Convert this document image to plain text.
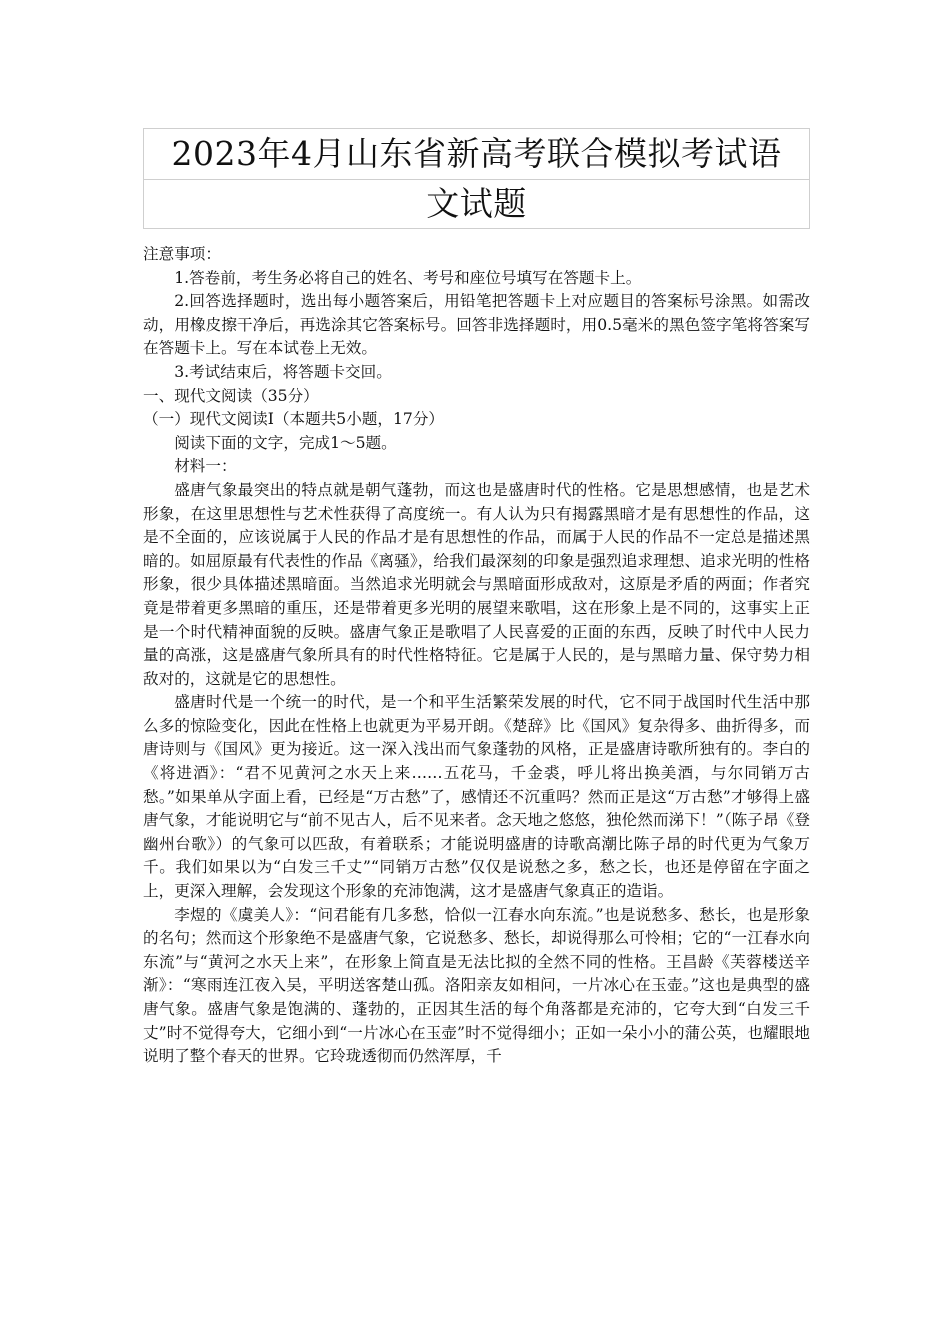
2023年4月山东省新高考联合模拟考试语
文试题

注意事项：

1.答卷前，考生务必将自己的姓名、考号和座位号填写在答题卡上。

2.回答选择题时，选出每小题答案后，用铅笔把答题卡上对应题目的答案标号涂黑。如需改动，用橡皮擦干净后，再选涂其它答案标号。回答非选择题时，用0.5毫米的黑色签字笔将答案写在答题卡上。写在本试卷上无效。

3.考试结束后，将答题卡交回。

一、现代文阅读（35分）

（一）现代文阅读Ⅰ（本题共5小题，17分）

阅读下面的文字，完成1～5题。

材料一：

盛唐气象最突出的特点就是朝气蓬勃，而这也是盛唐时代的性格。它是思想感情，也是艺术形象，在这里思想性与艺术性获得了高度统一。有人认为只有揭露黑暗才是有思想性的作品，这是不全面的，应该说属于人民的作品才是有思想性的作品，而属于人民的作品不一定总是描述黑暗的。如屈原最有代表性的作品《离骚》，给我们最深刻的印象是强烈追求理想、追求光明的性格形象，很少具体描述黑暗面。当然追求光明就会与黑暗面形成敌对，这原是矛盾的两面；作者究竟是带着更多黑暗的重压，还是带着更多光明的展望来歌唱，这在形象上是不同的，这事实上正是一个时代精神面貌的反映。盛唐气象正是歌唱了人民喜爱的正面的东西，反映了时代中人民力量的高涨，这是盛唐气象所具有的时代性格特征。它是属于人民的，是与黑暗力量、保守势力相敌对的，这就是它的思想性。

盛唐时代是一个统一的时代，是一个和平生活繁荣发展的时代，它不同于战国时代生活中那么多的惊险变化，因此在性格上也就更为平易开朗。《楚辞》比《国风》复杂得多、曲折得多，而唐诗则与《国风》更为接近。这一深入浅出而气象蓬勃的风格，正是盛唐诗歌所独有的。李白的《将进酒》：“君不见黄河之水天上来……五花马，千金裘，呼儿将出换美酒，与尔同销万古愁。”如果单从字面上看，已经是“万古愁”了，感情还不沉重吗？然而正是这“万古愁”才够得上盛唐气象，才能说明它与“前不见古人，后不见来者。念天地之悠悠，独伦然而涕下！”（陈子昂《登幽州台歌》）的气象可以匹敌，有着联系；才能说明盛唐的诗歌高潮比陈子昂的时代更为气象万千。我们如果以为“白发三千丈”“同销万古愁”仅仅是说愁之多，愁之长，也还是停留在字面之上，更深入理解，会发现这个形象的充沛饱满，这才是盛唐气象真正的造诣。

李煜的《虞美人》：“问君能有几多愁，恰似一江春水向东流。”也是说愁多、愁长，也是形象的名句；然而这个形象绝不是盛唐气象，它说愁多、愁长，却说得那么可怜相；它的“一江春水向东流”与“黄河之水天上来”，在形象上简直是无法比拟的全然不同的性格。王昌龄《芙蓉楼送辛渐》：“寒雨连江夜入吴，平明送客楚山孤。洛阳亲友如相问，一片冰心在玉壶。”这也是典型的盛唐气象。盛唐气象是饱满的、蓬勃的，正因其生活的每个角落都是充沛的，它夸大到“白发三千丈”时不觉得夸大，它细小到“一片冰心在玉壶”时不觉得细小；正如一朵小小的蒲公英，也耀眼地说明了整个春天的世界。它玲珑透彻而仍然浑厚，千
